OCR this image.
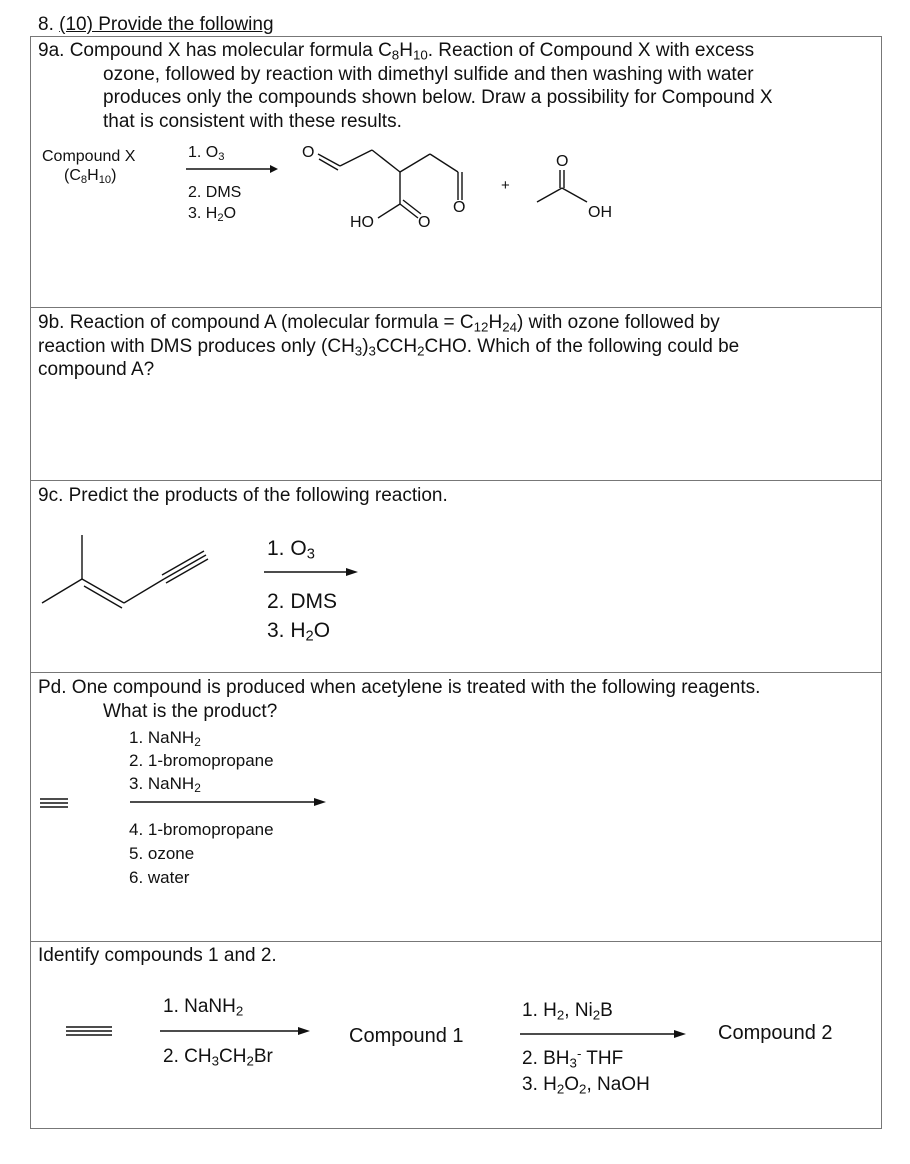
8. (10) Provide the following
9a. Compound X has molecular formula $C_8H_{10}$. Reaction of Compound X with excess
ozone, followed by reaction with dimethyl sulfide and then washing with water
produces only the compounds shown below. Draw a possibility for Compound X
that is consistent with these results.
Compound X
$(C_8H_{10})$
1. $O_3$
2. DMS
3. $H_2O$
O
HO	O
O
+
O
OH
9b. Reaction of compound A (molecular formula = $C_{12}H_{24}$) with ozone followed by
reaction with DMS produces only $(CH_3)_3CCH_2CHO$. Which of the following could be
compound A?
9c. Predict the products of the following reaction.
1. $O_3$
2. DMS
3. $H_2O$
Pd. One compound is produced when acetylene is treated with the following reagents.
What is the product?
1. NaNH$_2$
2. 1-bromopropane
3. NaNH$_2$
4. 1-bromopropane
5. ozone
6. water
Identify compounds 1 and 2.
1. NaNH$_2$
2. $CH_3CH_2Br$
Compound 1
1. $H_2$, $Ni_2B$
2. $BH_3^-$ THF
3. $H_2O_2$, NaOH
Compound 2
